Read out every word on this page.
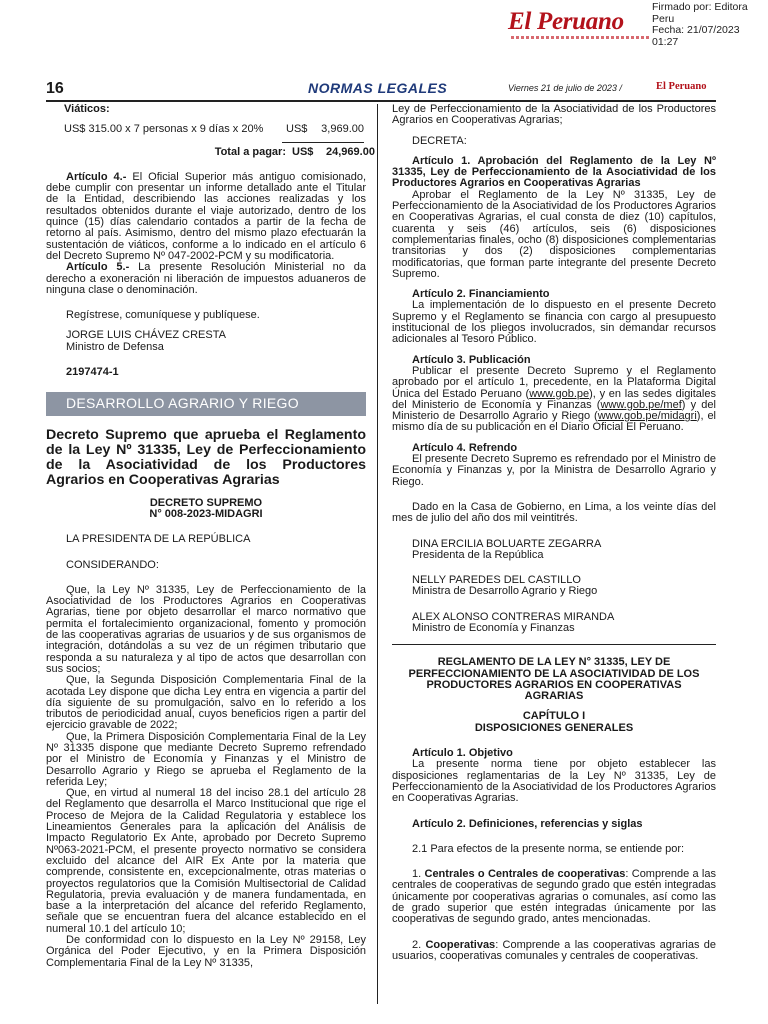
El Peruano
Firmado por: Editora
Peru
Fecha: 21/07/2023 01:27
16	NORMAS LEGALES	Viernes 21 de julio de 2023 /	El Peruano

Viáticos:

US$ 315.00 x 7 personas x 9 días x 20%	US$	3,969.00
Total a pagar: US$	24,969.00

Artículo 4.- El Oficial Superior más antiguo comisionado, debe cumplir con presentar un informe detallado ante el Titular de la Entidad, describiendo las acciones realizadas y los resultados obtenidos durante el viaje autorizado, dentro de los quince (15) días calendario contados a partir de la fecha de retorno al país. Asimismo, dentro del mismo plazo efectuarán la sustentación de viáticos, conforme a lo indicado en el artículo 6 del Decreto Supremo Nº 047-2002-PCM y su modificatoria.

Artículo 5.- La presente Resolución Ministerial no da derecho a exoneración ni liberación de impuestos aduaneros de ninguna clase o denominación.

Regístrese, comuníquese y publíquese.

JORGE LUIS CHÁVEZ CRESTA

Ministro de Defensa

2197474-1

DESARROLLO AGRARIO Y RIEGO

Decreto Supremo que aprueba el Reglamento de la Ley Nº 31335, Ley de Perfeccionamiento de la Asociatividad de los Productores Agrarios en Cooperativas Agrarias

DECRETO SUPREMO

N° 008-2023-MIDAGRI

LA PRESIDENTA DE LA REPÚBLICA

CONSIDERANDO:

Que, la Ley Nº 31335, Ley de Perfeccionamiento de la Asociatividad de los Productores Agrarios en Cooperativas Agrarias, tiene por objeto desarrollar el marco normativo que permita el fortalecimiento organizacional, fomento y promoción de las cooperativas agrarias de usuarios y de sus organismos de integración, dotándolas a su vez de un régimen tributario que responda a su naturaleza y al tipo de actos que desarrollan con sus socios;

Que, la Segunda Disposición Complementaria Final de la acotada Ley dispone que dicha Ley entra en vigencia a partir del día siguiente de su promulgación, salvo en lo referido a los tributos de periodicidad anual, cuyos beneficios rigen a partir del ejercicio gravable de 2022;

Que, la Primera Disposición Complementaria Final de la Ley Nº 31335 dispone que mediante Decreto Supremo refrendado por el Ministro de Economía y Finanzas y el Ministro de Desarrollo Agrario y Riego se aprueba el Reglamento de la referida Ley;

Que, en virtud al numeral 18 del inciso 28.1 del artículo 28 del Reglamento que desarrolla el Marco Institucional que rige el Proceso de Mejora de la Calidad Regulatoria y establece los Lineamientos Generales para la aplicación del Análisis de Impacto Regulatorio Ex Ante, aprobado por Decreto Supremo Nº063-2021-PCM, el presente proyecto normativo se considera excluido del alcance del AIR Ex Ante por la materia que comprende, consistente en, excepcionalmente, otras materias o proyectos regulatorios que la Comisión Multisectorial de Calidad Regulatoria, previa evaluación y de manera fundamentada, en base a la interpretación del alcance del referido Reglamento, señale que se encuentran fuera del alcance establecido en el numeral 10.1 del artículo 10;

De conformidad con lo dispuesto en la Ley Nº 29158, Ley Orgánica del Poder Ejecutivo, y en la Primera Disposición Complementaria Final de la Ley Nº 31335,

Ley de Perfeccionamiento de la Asociatividad de los Productores Agrarios en Cooperativas Agrarias;

DECRETA:

Artículo 1. Aprobación del Reglamento de la Ley Nº 31335, Ley de Perfeccionamiento de la Asociatividad de los Productores Agrarios en Cooperativas Agrarias

Aprobar el Reglamento de la Ley Nº 31335, Ley de Perfeccionamiento de la Asociatividad de los Productores Agrarios en Cooperativas Agrarias, el cual consta de diez (10) capítulos, cuarenta y seis (46) artículos, seis (6) disposiciones complementarias finales, ocho (8) disposiciones complementarias transitorias y dos (2) disposiciones complementarias modificatorias, que forman parte integrante del presente Decreto Supremo.

Artículo 2. Financiamiento

La implementación de lo dispuesto en el presente Decreto Supremo y el Reglamento se financia con cargo al presupuesto institucional de los pliegos involucrados, sin demandar recursos adicionales al Tesoro Público.

Artículo 3. Publicación

Publicar el presente Decreto Supremo y el Reglamento aprobado por el artículo 1, precedente, en la Plataforma Digital Única del Estado Peruano (www.gob.pe), y en las sedes digitales del Ministerio de Economía y Finanzas (www.gob.pe/mef) y del Ministerio de Desarrollo Agrario y Riego (www.gob.pe/midagri), el mismo día de su publicación en el Diario Oficial El Peruano.

Artículo 4. Refrendo

El presente Decreto Supremo es refrendado por el Ministro de Economía y Finanzas y, por la Ministra de Desarrollo Agrario y Riego.

Dado en la Casa de Gobierno, en Lima, a los veinte días del mes de julio del año dos mil veintitrés.

DINA ERCILIA BOLUARTE ZEGARRA

Presidenta de la República

NELLY PAREDES DEL CASTILLO

Ministra de Desarrollo Agrario y Riego

ALEX ALONSO CONTRERAS MIRANDA

Ministro de Economía y Finanzas

REGLAMENTO DE LA LEY N° 31335, LEY DE PERFECCIONAMIENTO DE LA ASOCIATIVIDAD DE LOS PRODUCTORES AGRARIOS EN COOPERATIVAS AGRARIAS

CAPÍTULO I

DISPOSICIONES GENERALES

Artículo 1. Objetivo

La presente norma tiene por objeto establecer las disposiciones reglamentarias de la Ley Nº 31335, Ley de Perfeccionamiento de la Asociatividad de los Productores Agrarios en Cooperativas Agrarias.

Artículo 2. Definiciones, referencias y siglas

2.1 Para efectos de la presente norma, se entiende por:

1. Centrales o Centrales de cooperativas: Comprende a las centrales de cooperativas de segundo grado que estén integradas únicamente por cooperativas agrarias o comunales, así como las de grado superior que estén integradas únicamente por las cooperativas de segundo grado, antes mencionadas.

2. Cooperativas: Comprende a las cooperativas agrarias de usuarios, cooperativas comunales y centrales de cooperativas.
